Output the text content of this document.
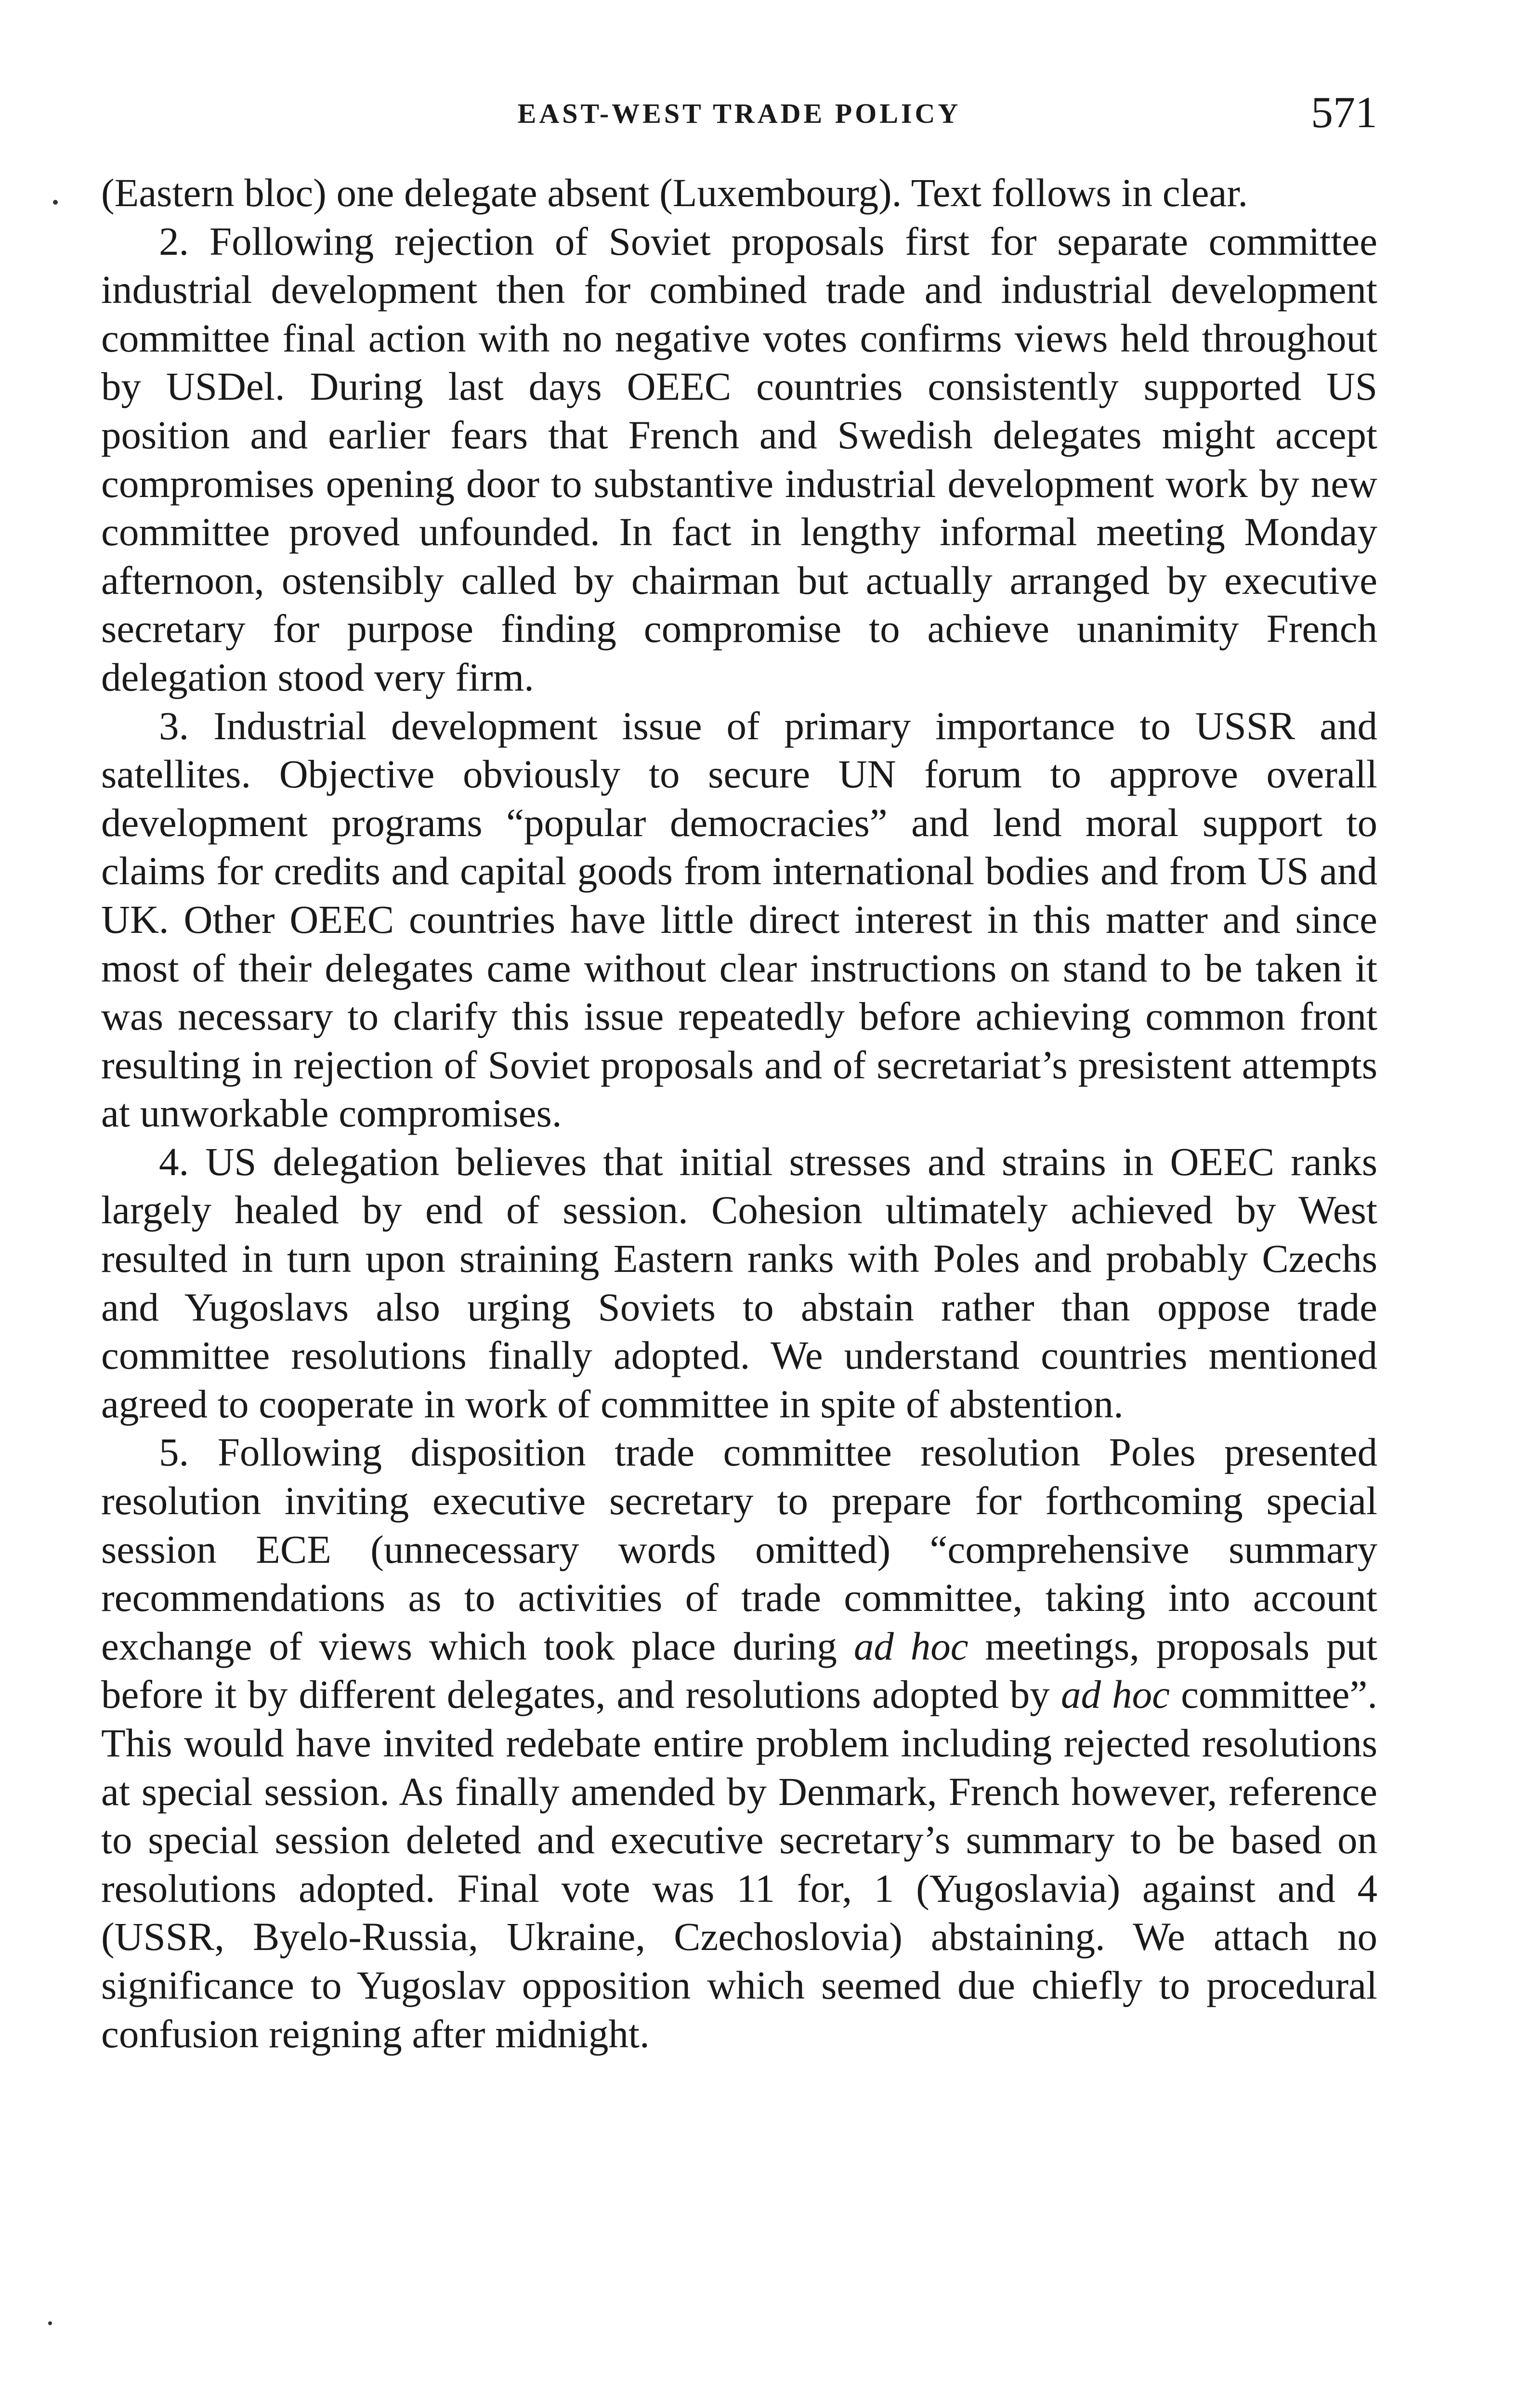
EAST-WEST TRADE POLICY	571

(Eastern bloc) one delegate absent (Luxembourg). Text follows in clear.

2. Following rejection of Soviet proposals first for separate committee industrial development then for combined trade and industrial development committee final action with no negative votes confirms views held throughout by USDel. During last days OEEC countries consistently supported US position and earlier fears that French and Swedish delegates might accept compromises opening door to substantive industrial development work by new committee proved unfounded. In fact in lengthy informal meeting Monday afternoon, ostensibly called by chairman but actually arranged by executive secretary for purpose finding compromise to achieve unanimity French delegation stood very firm.

3. Industrial development issue of primary importance to USSR and satellites. Objective obviously to secure UN forum to approve overall development programs “popular democracies” and lend moral support to claims for credits and capital goods from international bodies and from US and UK. Other OEEC countries have little direct interest in this matter and since most of their delegates came without clear instructions on stand to be taken it was necessary to clarify this issue repeatedly before achieving common front resulting in rejection of Soviet proposals and of secretariat’s presistent attempts at unworkable compromises.

4. US delegation believes that initial stresses and strains in OEEC ranks largely healed by end of session. Cohesion ultimately achieved by West resulted in turn upon straining Eastern ranks with Poles and probably Czechs and Yugoslavs also urging Soviets to abstain rather than oppose trade committee resolutions finally adopted. We understand countries mentioned agreed to cooperate in work of committee in spite of abstention.

5. Following disposition trade committee resolution Poles presented resolution inviting executive secretary to prepare for forthcoming special session ECE (unnecessary words omitted) “comprehensive summary recommendations as to activities of trade committee, taking into account exchange of views which took place during ad hoc meetings, proposals put before it by different delegates, and resolutions adopted by ad hoc committee”. This would have invited redebate entire problem including rejected resolutions at special session. As finally amended by Denmark, French however, reference to special session deleted and executive secretary’s summary to be based on resolutions adopted. Final vote was 11 for, 1 (Yugoslavia) against and 4 (USSR, Byelo-Russia, Ukraine, Czechoslovia) abstaining. We attach no significance to Yugoslav opposition which seemed due chiefly to procedural confusion reigning after midnight.
